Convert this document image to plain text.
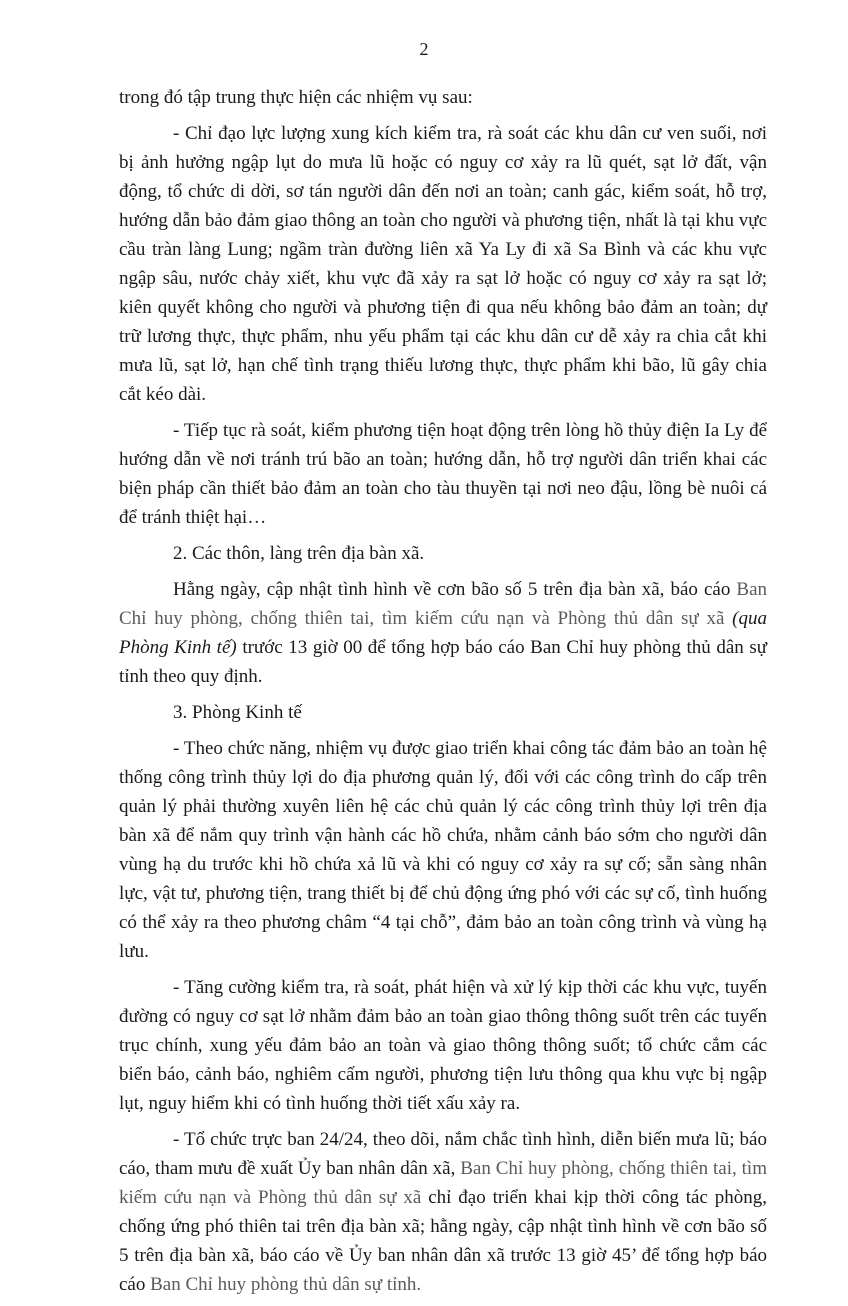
2

trong đó tập trung thực hiện các nhiệm vụ sau:

- Chỉ đạo lực lượng xung kích kiểm tra, rà soát các khu dân cư ven suối, nơi bị ảnh hưởng ngập lụt do mưa lũ hoặc có nguy cơ xảy ra lũ quét, sạt lở đất, vận động, tổ chức di dời, sơ tán người dân đến nơi an toàn; canh gác, kiểm soát, hỗ trợ, hướng dẫn bảo đảm giao thông an toàn cho người và phương tiện, nhất là tại khu vực cầu tràn làng Lung; ngầm tràn đường liên xã Ya Ly đi xã Sa Bình và các khu vực ngập sâu, nước chảy xiết, khu vực đã xảy ra sạt lở hoặc có nguy cơ xảy ra sạt lở; kiên quyết không cho người và phương tiện đi qua nếu không bảo đảm an toàn; dự trữ lương thực, thực phẩm, nhu yếu phẩm tại các khu dân cư dễ xảy ra chia cắt khi mưa lũ, sạt lở, hạn chế tình trạng thiếu lương thực, thực phẩm khi bão, lũ gây chia cắt kéo dài.

- Tiếp tục rà soát, kiểm phương tiện hoạt động trên lòng hồ thủy điện Ia Ly để hướng dẫn về nơi tránh trú bão an toàn; hướng dẫn, hỗ trợ người dân triển khai các biện pháp cần thiết bảo đảm an toàn cho tàu thuyền tại nơi neo đậu, lồng bè nuôi cá để tránh thiệt hại…

2. Các thôn, làng trên địa bàn xã.

Hằng ngày, cập nhật tình hình về cơn bão số 5 trên địa bàn xã, báo cáo Ban Chỉ huy phòng, chống thiên tai, tìm kiếm cứu nạn và Phòng thủ dân sự xã (qua Phòng Kinh tế) trước 13 giờ 00 để tổng hợp báo cáo Ban Chỉ huy phòng thủ dân sự tỉnh theo quy định.

3. Phòng Kinh tế

- Theo chức năng, nhiệm vụ được giao triển khai công tác đảm bảo an toàn hệ thống công trình thủy lợi do địa phương quản lý, đối với các công trình do cấp trên quản lý phải thường xuyên liên hệ các chủ quản lý các công trình thủy lợi trên địa bàn xã để nắm quy trình vận hành các hồ chứa, nhằm cảnh báo sớm cho người dân vùng hạ du trước khi hồ chứa xả lũ và khi có nguy cơ xảy ra sự cố; sẵn sàng nhân lực, vật tư, phương tiện, trang thiết bị để chủ động ứng phó với các sự cố, tình huống có thể xảy ra theo phương châm “4 tại chỗ”, đảm bảo an toàn công trình và vùng hạ lưu.

- Tăng cường kiểm tra, rà soát, phát hiện và xử lý kịp thời các khu vực, tuyến đường có nguy cơ sạt lở nhằm đảm bảo an toàn giao thông thông suốt trên các tuyến trục chính, xung yếu đảm bảo an toàn và giao thông thông suốt; tổ chức cắm các biển báo, cảnh báo, nghiêm cấm người, phương tiện lưu thông qua khu vực bị ngập lụt, nguy hiểm khi có tình huống thời tiết xấu xảy ra.

- Tổ chức trực ban 24/24, theo dõi, nắm chắc tình hình, diễn biến mưa lũ; báo cáo, tham mưu đề xuất Ủy ban nhân dân xã, Ban Chỉ huy phòng, chống thiên tai, tìm kiếm cứu nạn và Phòng thủ dân sự xã chỉ đạo triển khai kịp thời công tác phòng, chống ứng phó thiên tai trên địa bàn xã; hằng ngày, cập nhật tình hình về cơn bão số 5 trên địa bàn xã, báo cáo về Ủy ban nhân dân xã trước 13 giờ 45’ để tổng hợp báo cáo Ban Chỉ huy phòng thủ dân sự tỉnh.
